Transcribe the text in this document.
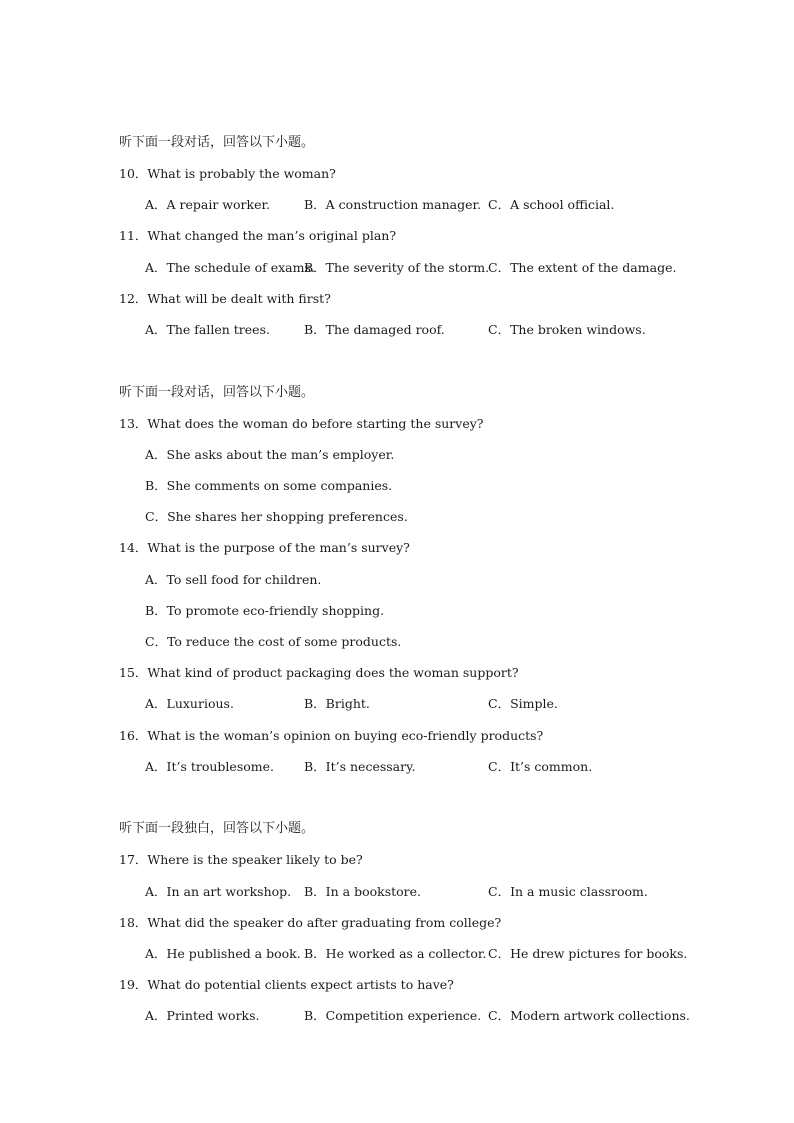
听下面一段对话，回答以下小题。
10．What is probably the woman?
A．A repair worker.	B．A construction manager. C．A school official.
11．What changed the man’s original plan?
A．The schedule of exams.
B．The severity of the storm.
C．The extent of the damage.
12．What will be dealt with first?
A．The fallen trees.	B．The damaged roof.	C．The broken windows.
听下面一段对话，回答以下小题。
13．What does the woman do before starting the survey?
A．She asks about the man’s employer.
B．She comments on some companies.
C．She shares her shopping preferences.
14．What is the purpose of the man’s survey?
A．To sell food for children.
B．To promote eco-friendly shopping.
C．To reduce the cost of some products.
15．What kind of product packaging does the woman support?
A．Luxurious.	B．Bright.	C．Simple.
16．What is the woman’s opinion on buying eco-friendly products?
A．It’s troublesome. B．It’s necessary.	C．It’s common.
听下面一段独白，回答以下小题。
17．Where is the speaker likely to be?
A．In an art workshop. B．In a bookstore.	C．In a music classroom.
18．What did the speaker do after graduating from college?
A．He published a book. B．He worked as a collector. C．He drew pictures for books.
19．What do potential clients expect artists to have?
A．Printed works.	B．Competition experience. C．Modern artwork collections.
